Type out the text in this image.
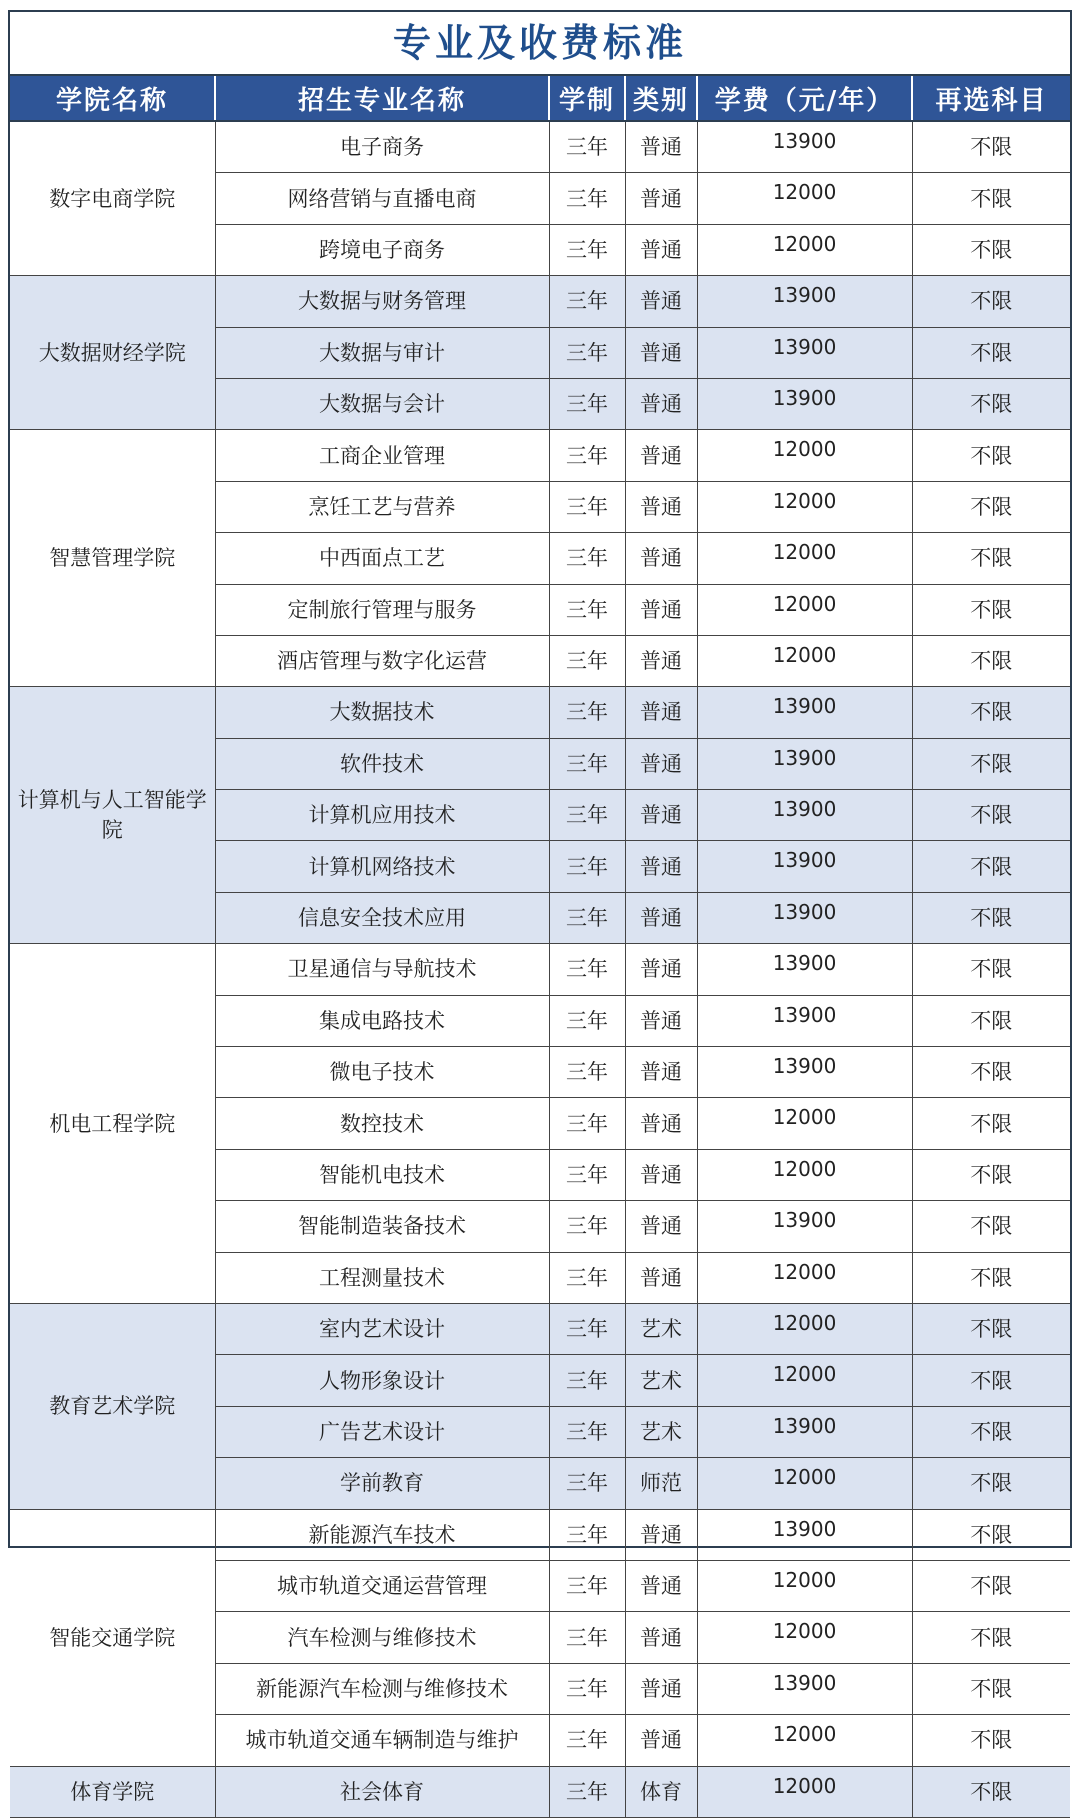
专业及收费标准
学院名称	招生专业名称	学制	类别	学费（元/年）	再选科目
数字电商学院	电子商务	三年	普通	13900	不限
	网络营销与直播电商	三年	普通	12000	不限
	跨境电子商务	三年	普通	12000	不限
大数据财经学院	大数据与财务管理	三年	普通	13900	不限
	大数据与审计	三年	普通	13900	不限
	大数据与会计	三年	普通	13900	不限
智慧管理学院	工商企业管理	三年	普通	12000	不限
	烹饪工艺与营养	三年	普通	12000	不限
	中西面点工艺	三年	普通	12000	不限
	定制旅行管理与服务	三年	普通	12000	不限
	酒店管理与数字化运营	三年	普通	12000	不限
计算机与人工智能学院	大数据技术	三年	普通	13900	不限
	软件技术	三年	普通	13900	不限
	计算机应用技术	三年	普通	13900	不限
	计算机网络技术	三年	普通	13900	不限
	信息安全技术应用	三年	普通	13900	不限
机电工程学院	卫星通信与导航技术	三年	普通	13900	不限
	集成电路技术	三年	普通	13900	不限
	微电子技术	三年	普通	13900	不限
	数控技术	三年	普通	12000	不限
	智能机电技术	三年	普通	12000	不限
	智能制造装备技术	三年	普通	13900	不限
	工程测量技术	三年	普通	12000	不限
教育艺术学院	室内艺术设计	三年	艺术	12000	不限
	人物形象设计	三年	艺术	12000	不限
	广告艺术设计	三年	艺术	13900	不限
	学前教育	三年	师范	12000	不限
智能交通学院	新能源汽车技术	三年	普通	13900	不限
	城市轨道交通运营管理	三年	普通	12000	不限
	汽车检测与维修技术	三年	普通	12000	不限
	新能源汽车检测与维修技术	三年	普通	13900	不限
	城市轨道交通车辆制造与维护	三年	普通	12000	不限
体育学院	社会体育	三年	体育	12000	不限
